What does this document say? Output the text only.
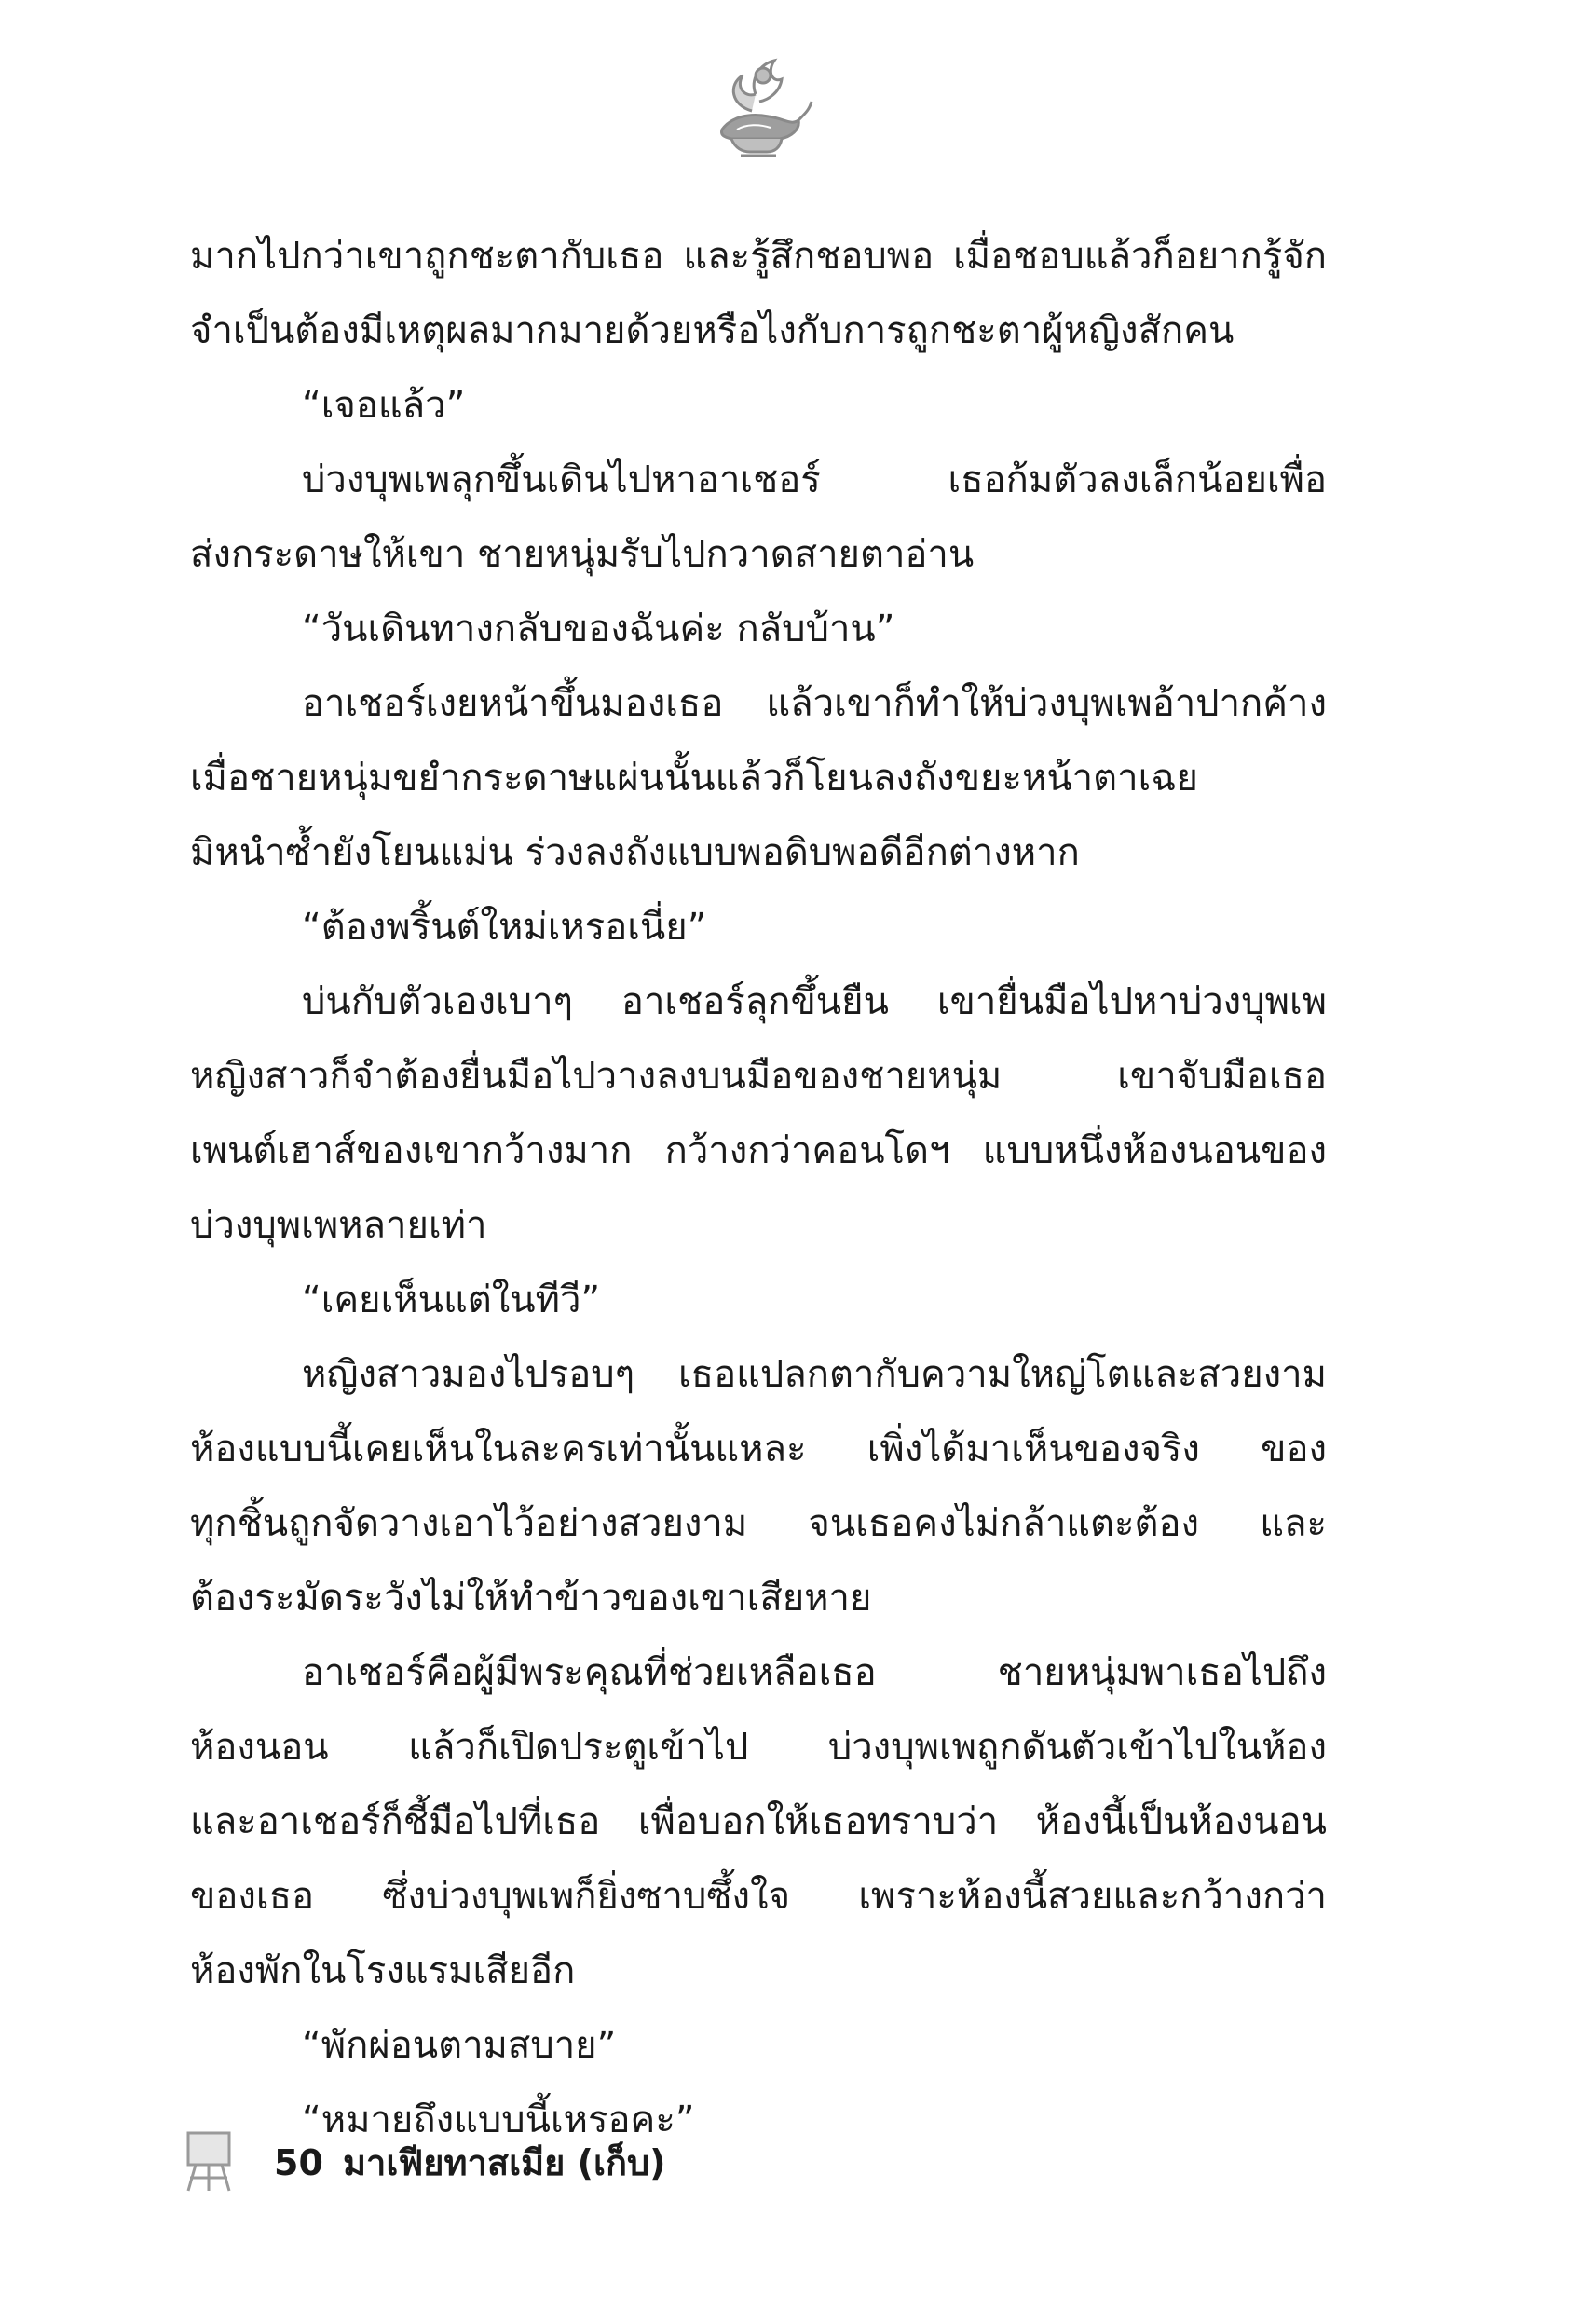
มากไปกว่าเขาถูกชะตากับเธอ และรู้สึกชอบพอ เมื่อชอบแล้วก็อยากรู้จัก
จำเป็นต้องมีเหตุผลมากมายด้วยหรือไงกับการถูกชะตาผู้หญิงสักคน
“เจอแล้ว”
บ่วงบุพเพลุกขึ้นเดินไปหาอาเชอร์ เธอก้มตัวลงเล็กน้อยเพื่อ
ส่งกระดาษให้เขา ชายหนุ่มรับไปกวาดสายตาอ่าน
“วันเดินทางกลับของฉันค่ะ กลับบ้าน”
อาเชอร์เงยหน้าขึ้นมองเธอ แล้วเขาก็ทำให้บ่วงบุพเพอ้าปากค้าง
เมื่อชายหนุ่มขยำกระดาษแผ่นนั้นแล้วก็โยนลงถังขยะหน้าตาเฉย
มิหนำซ้ำยังโยนแม่น ร่วงลงถังแบบพอดิบพอดีอีกต่างหาก
“ต้องพริ้นต์ใหม่เหรอเนี่ย”
บ่นกับตัวเองเบาๆ อาเชอร์ลุกขึ้นยืน เขายื่นมือไปหาบ่วงบุพเพ
หญิงสาวก็จำต้องยื่นมือไปวางลงบนมือของชายหนุ่ม เขาจับมือเธอ
เพนต์เฮาส์ของเขากว้างมาก กว้างกว่าคอนโดฯ แบบหนึ่งห้องนอนของ
บ่วงบุพเพหลายเท่า
“เคยเห็นแต่ในทีวี”
หญิงสาวมองไปรอบๆ เธอแปลกตากับความใหญ่โตและสวยงาม
ห้องแบบนี้เคยเห็นในละครเท่านั้นแหละ เพิ่งได้มาเห็นของจริง ของ
ทุกชิ้นถูกจัดวางเอาไว้อย่างสวยงาม จนเธอคงไม่กล้าแตะต้อง และ
ต้องระมัดระวังไม่ให้ทำข้าวของเขาเสียหาย
อาเชอร์คือผู้มีพระคุณที่ช่วยเหลือเธอ ชายหนุ่มพาเธอไปถึง
ห้องนอน แล้วก็เปิดประตูเข้าไป บ่วงบุพเพถูกดันตัวเข้าไปในห้อง
และอาเชอร์ก็ชี้มือไปที่เธอ เพื่อบอกให้เธอทราบว่า ห้องนี้เป็นห้องนอน
ของเธอ ซึ่งบ่วงบุพเพก็ยิ่งซาบซึ้งใจ เพราะห้องนี้สวยและกว้างกว่า
ห้องพักในโรงแรมเสียอีก
“พักผ่อนตามสบาย”
“หมายถึงแบบนี้เหรอคะ”
50 มาเฟียทาสเมีย (เก็บ)
